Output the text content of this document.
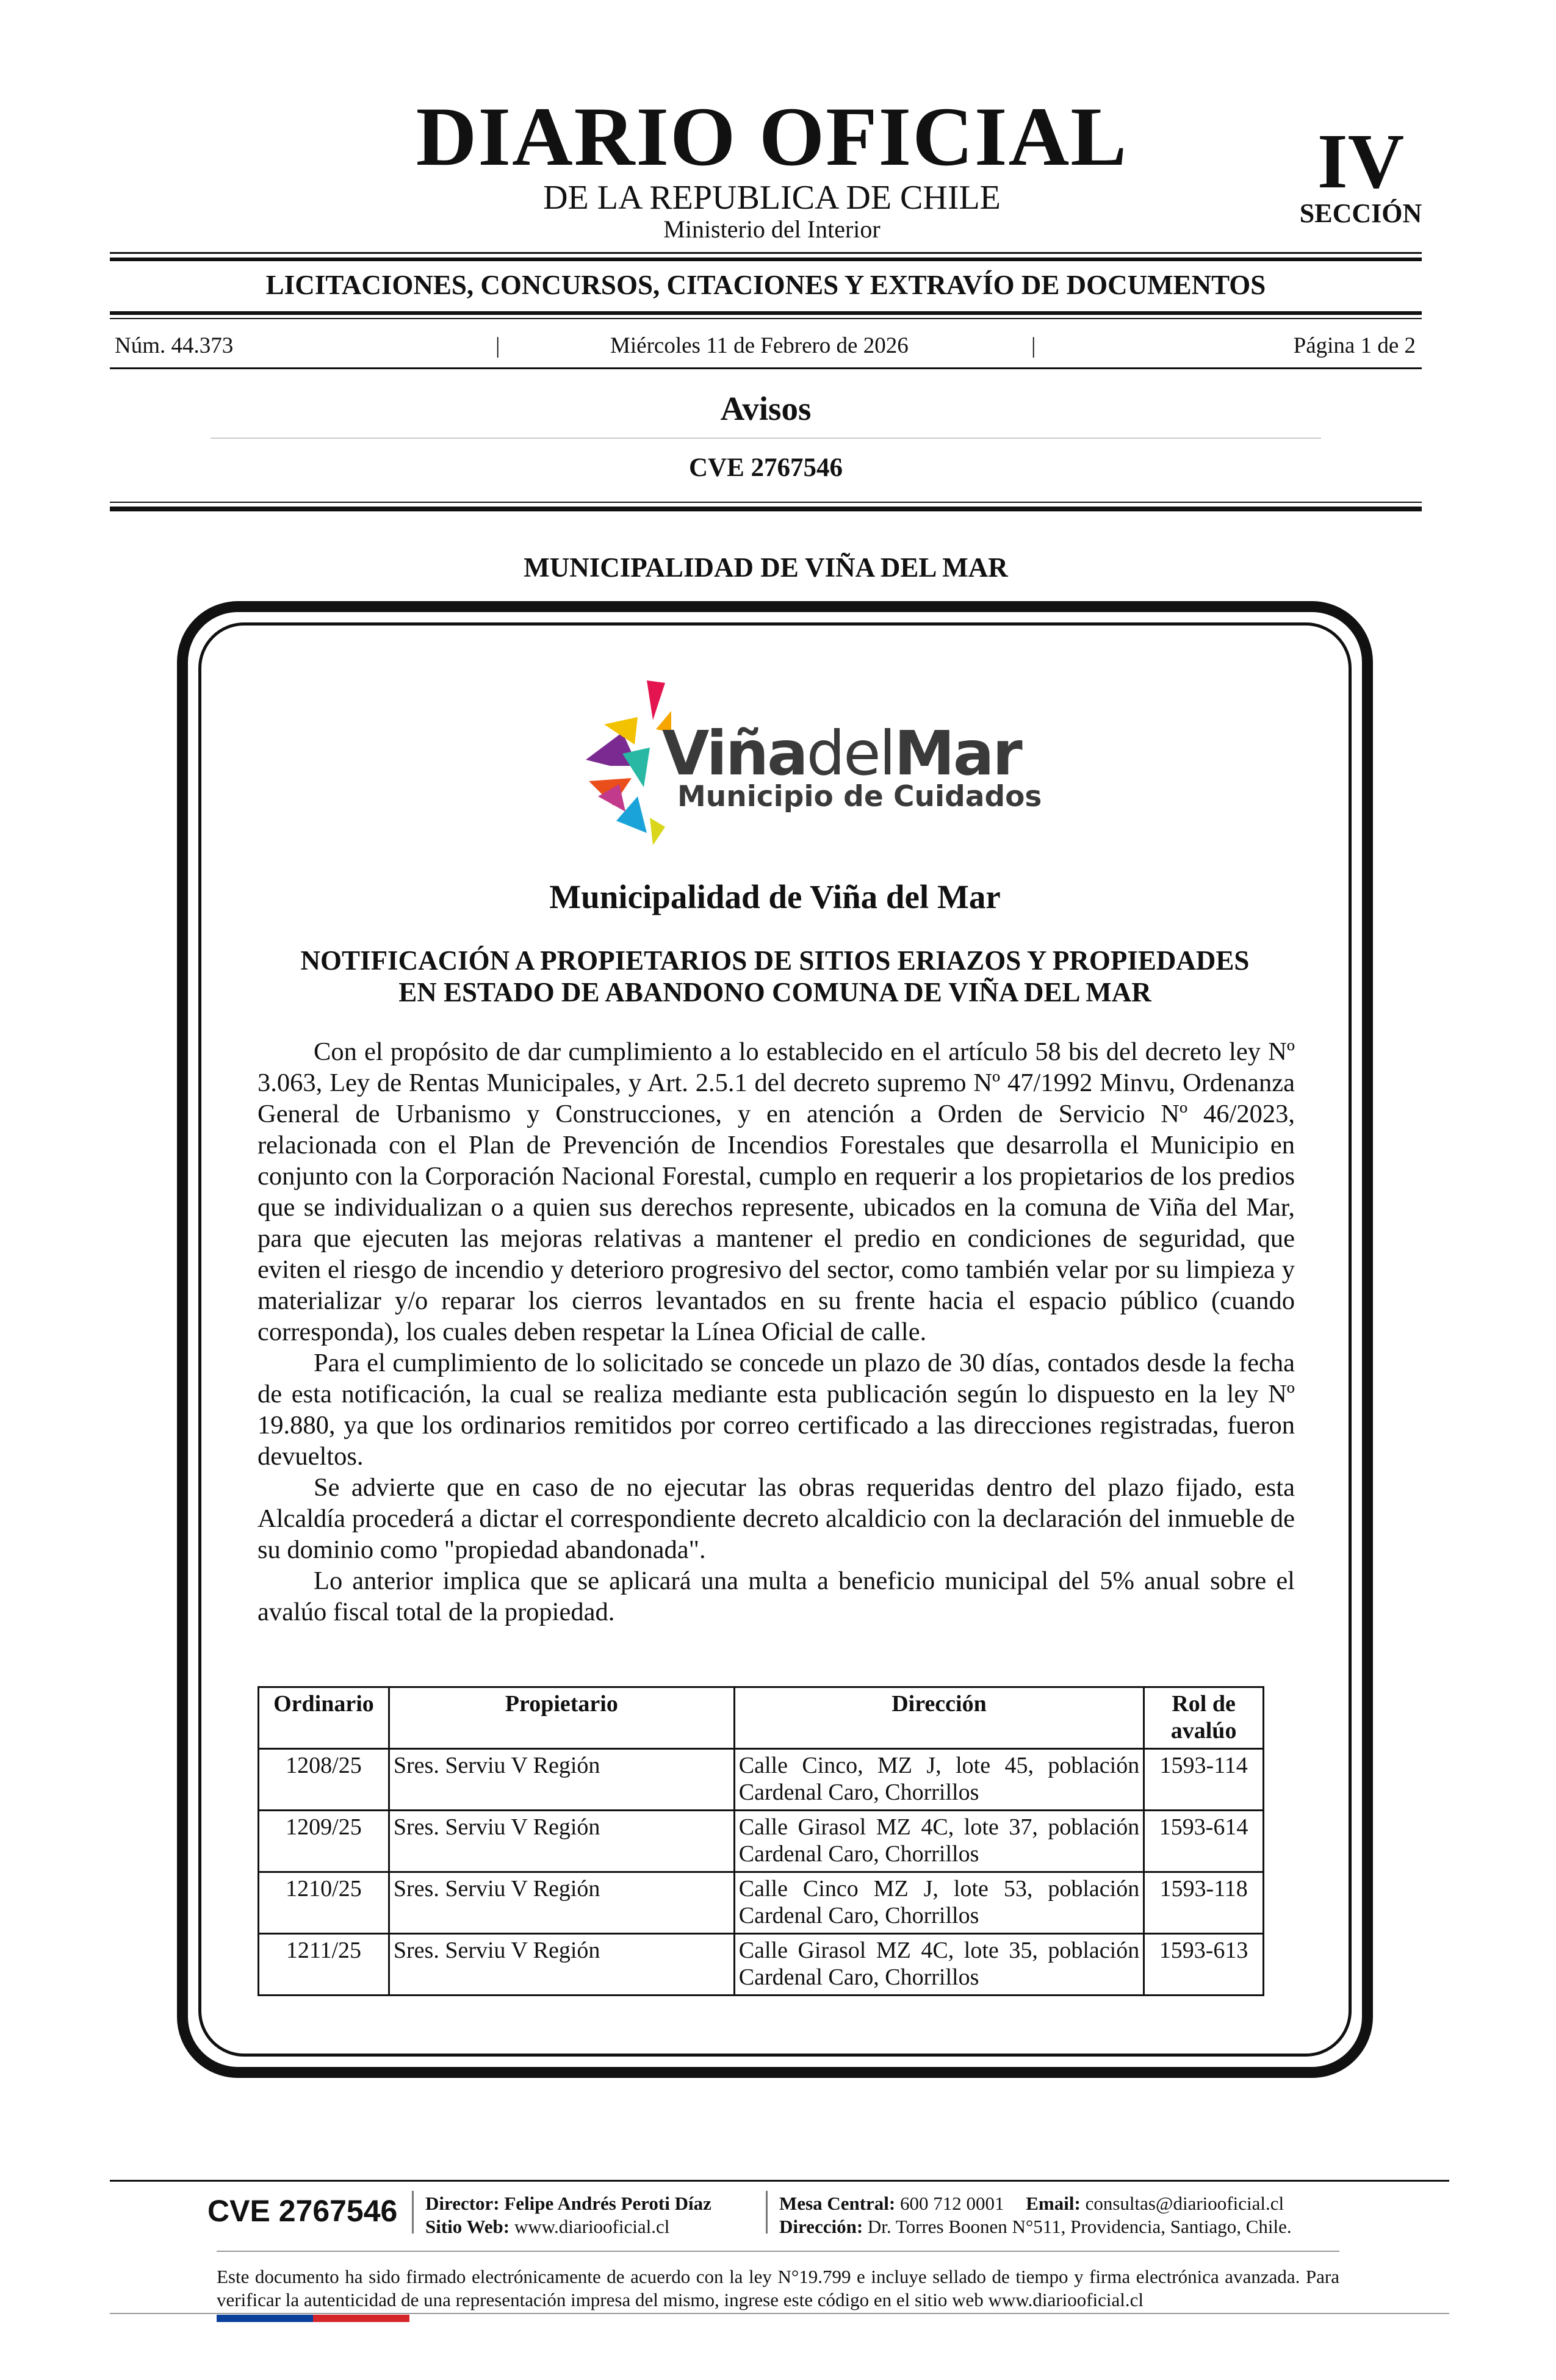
DIARIO OFICIAL
DE LA REPUBLICA DE CHILE
Ministerio del Interior
IV
SECCIÓN
LICITACIONES, CONCURSOS, CITACIONES Y EXTRAVÍO DE DOCUMENTOS
Núm. 44.373	|	Miércoles 11 de Febrero de 2026	|	Página 1 de 2
Avisos
CVE 2767546
MUNICIPALIDAD DE VIÑA DEL MAR
ViñadelMar
Municipio de Cuidados
Municipalidad de Viña del Mar
NOTIFICACIÓN A PROPIETARIOS DE SITIOS ERIAZOS Y PROPIEDADES
EN ESTADO DE ABANDONO COMUNA DE VIÑA DEL MAR

Con el propósito de dar cumplimiento a lo establecido en el artículo 58 bis del decreto ley Nº 3.063, Ley de Rentas Municipales, y Art. 2.5.1 del decreto supremo Nº 47/1992 Minvu, Ordenanza General de Urbanismo y Construcciones, y en atención a Orden de Servicio Nº 46/2023, relacionada con el Plan de Prevención de Incendios Forestales que desarrolla el Municipio en conjunto con la Corporación Nacional Forestal, cumplo en requerir a los propietarios de los predios que se individualizan o a quien sus derechos represente, ubicados en la comuna de Viña del Mar, para que ejecuten las mejoras relativas a mantener el predio en condiciones de seguridad, que eviten el riesgo de incendio y deterioro progresivo del sector, como también velar por su limpieza y materializar y/o reparar los cierros levantados en su frente hacia el espacio público (cuando corresponda), los cuales deben respetar la Línea Oficial de calle.

Para el cumplimiento de lo solicitado se concede un plazo de 30 días, contados desde la fecha de esta notificación, la cual se realiza mediante esta publicación según lo dispuesto en la ley Nº 19.880, ya que los ordinarios remitidos por correo certificado a las direcciones registradas, fueron devueltos.

Se advierte que en caso de no ejecutar las obras requeridas dentro del plazo fijado, esta Alcaldía procederá a dictar el correspondiente decreto alcaldicio con la declaración del inmueble de su dominio como "propiedad abandonada".

Lo anterior implica que se aplicará una multa a beneficio municipal del 5% anual sobre el avalúo fiscal total de la propiedad.

Ordinario	Propietario	Dirección	Rol de avalúo
1208/25	Sres. Serviu V Región	Calle Cinco, MZ J, lote 45, población Cardenal Caro, Chorrillos	1593-114
1209/25	Sres. Serviu V Región	Calle Girasol MZ 4C, lote 37, población Cardenal Caro, Chorrillos	1593-614
1210/25	Sres. Serviu V Región	Calle Cinco MZ J, lote 53, población Cardenal Caro, Chorrillos	1593-118
1211/25	Sres. Serviu V Región	Calle Girasol MZ 4C, lote 35, población Cardenal Caro, Chorrillos	1593-613
CVE 2767546 Director: Felipe Andrés Peroti Díaz
Sitio Web: www.diariooficial.cl
Mesa Central: 600 712 0001 Email: consultas@diariooficial.cl
Dirección: Dr. Torres Boonen N°511, Providencia, Santiago, Chile.
Este documento ha sido firmado electrónicamente de acuerdo con la ley N°19.799 e incluye sellado de tiempo y firma electrónica avanzada. Para verificar la autenticidad de una representación impresa del mismo, ingrese este código en el sitio web www.diariooficial.cl
